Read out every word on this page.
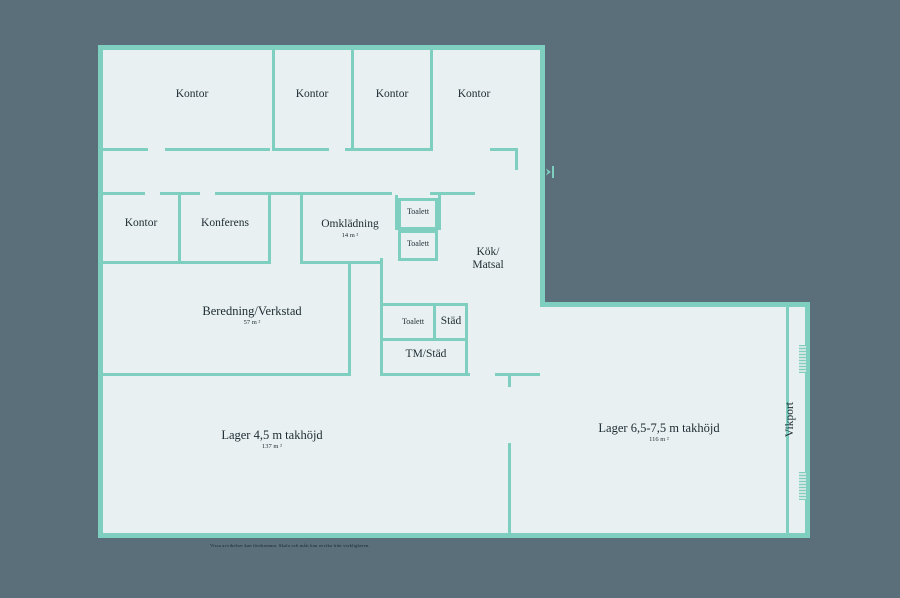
Kontor	Kontor	Kontor	Kontor
Kontor	Konferens	Omklädning
14 m ²
Toalett
Toalett
Toalett	Städ
TM/Städ
Kök/
Matsal
Beredning/Verkstad
57 m ²
Lager 4,5 m takhöjd
137 m ²
Lager 6,5-7,5 m takhöjd
116 m ²
Vikport
Vissa avvikelser kan förekomma. Skala och mått kan avvika från verkligheten.
